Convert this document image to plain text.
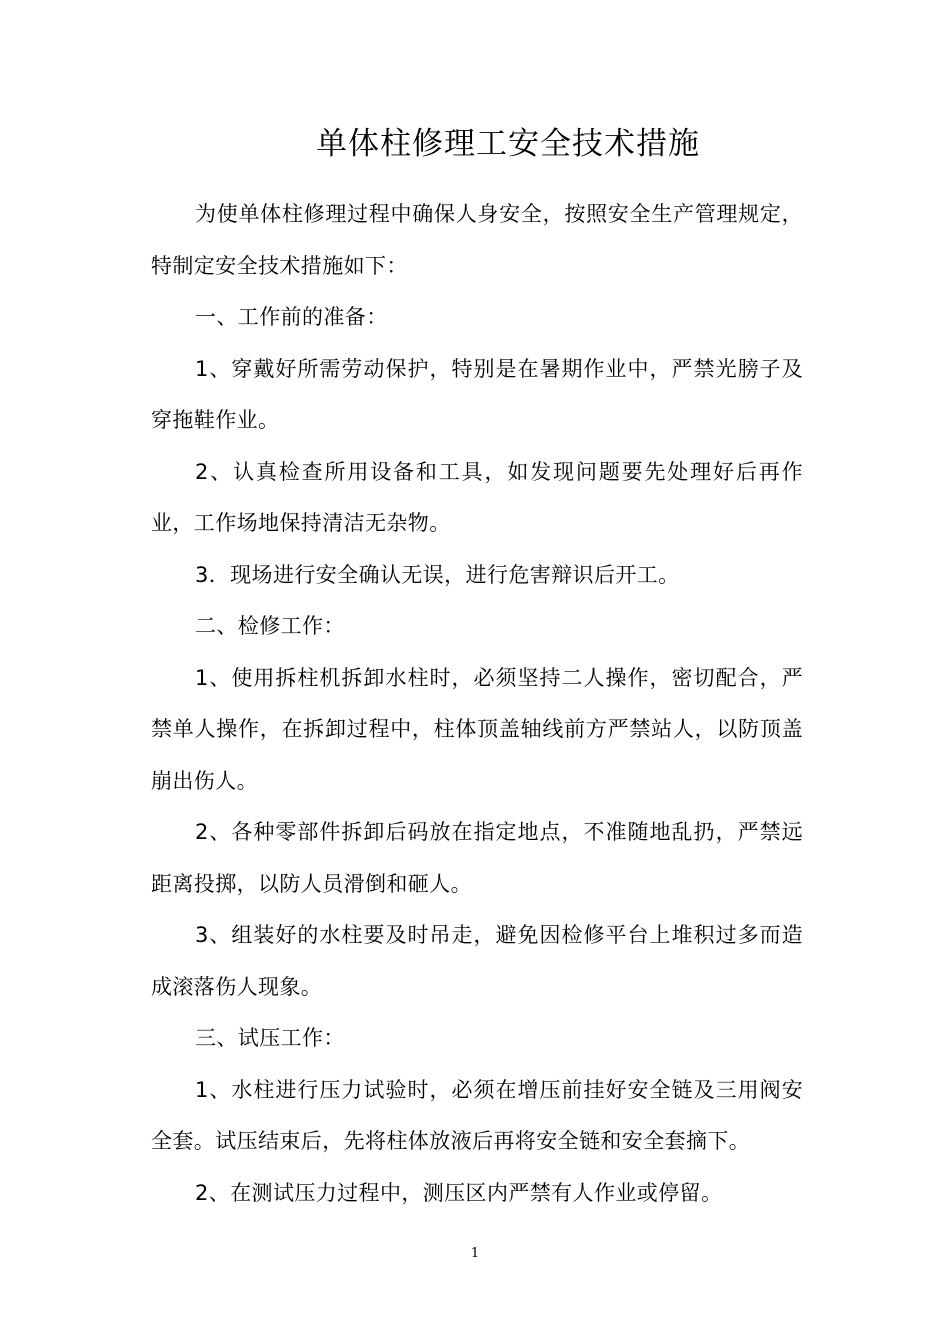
单体柱修理工安全技术措施

为使单体柱修理过程中确保人身安全，按照安全生产管理规定，特制定安全技术措施如下：

一、工作前的准备：

1、穿戴好所需劳动保护，特别是在暑期作业中，严禁光膀子及穿拖鞋作业。

2、认真检查所用设备和工具，如发现问题要先处理好后再作业，工作场地保持清洁无杂物。

3．现场进行安全确认无误，进行危害辩识后开工。

二、检修工作：

1、使用拆柱机拆卸水柱时，必须坚持二人操作，密切配合，严禁单人操作，在拆卸过程中，柱体顶盖轴线前方严禁站人，以防顶盖崩出伤人。

2、各种零部件拆卸后码放在指定地点，不准随地乱扔，严禁远距离投掷，以防人员滑倒和砸人。

3、组装好的水柱要及时吊走，避免因检修平台上堆积过多而造成滚落伤人现象。

三、试压工作：

1、水柱进行压力试验时，必须在增压前挂好安全链及三用阀安全套。试压结束后，先将柱体放液后再将安全链和安全套摘下。

2、在测试压力过程中，测压区内严禁有人作业或停留。

1
